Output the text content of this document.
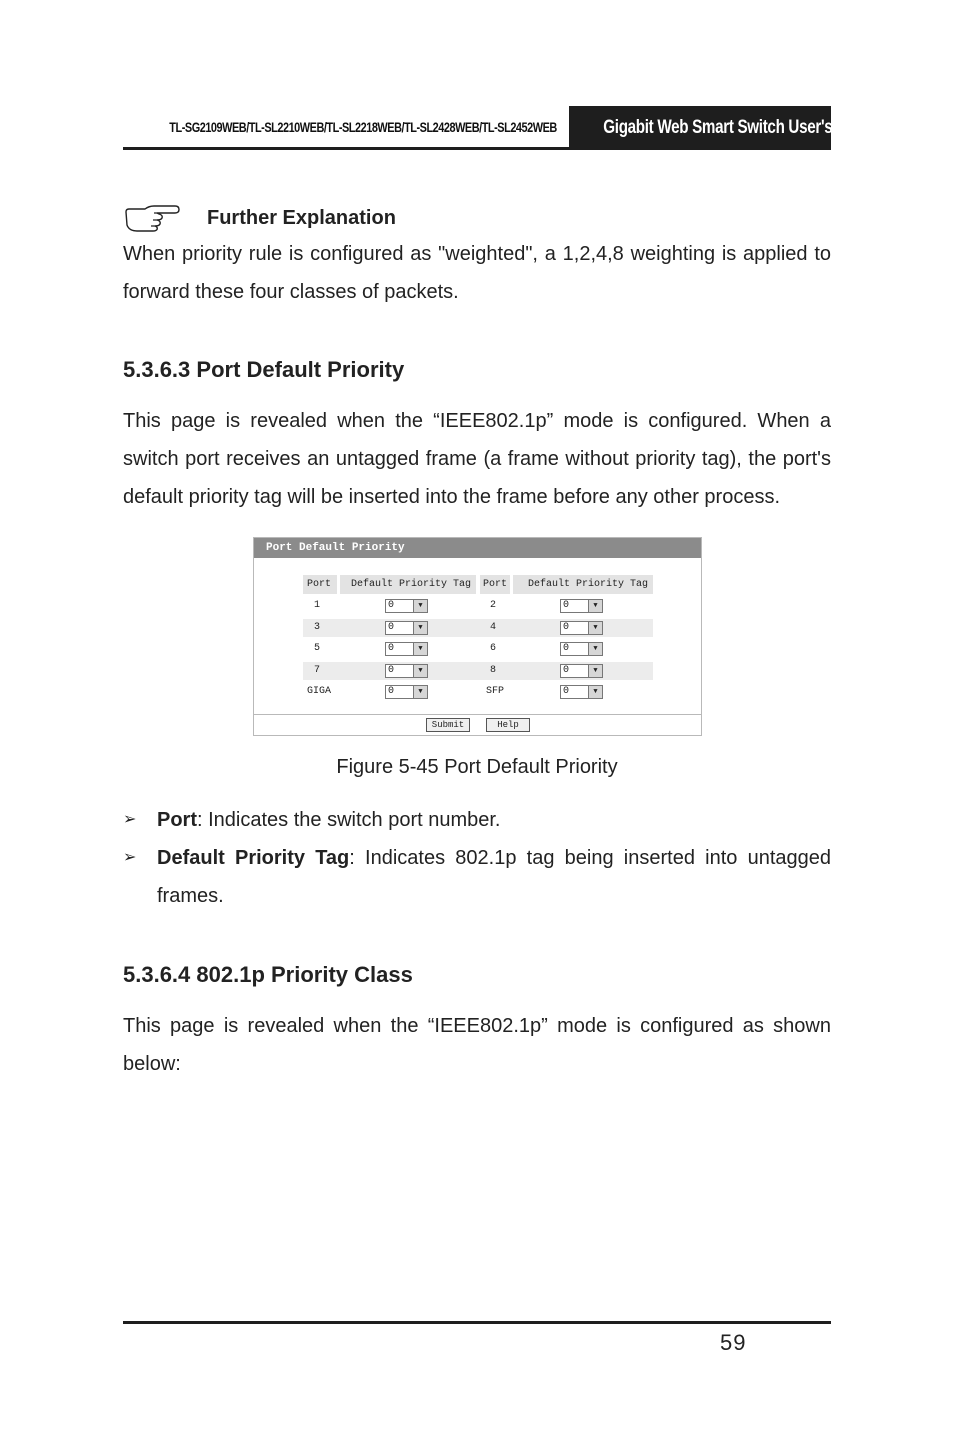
TL-SG2109WEB/TL-SL2210WEB/TL-SL2218WEB/TL-SL2428WEB/TL-SL2452WEB	Gigabit Web Smart Switch User's Guide
Further Explanation

When priority rule is configured as "weighted", a 1,2,4,8 weighting is applied to forward these four classes of packets.

5.3.6.3 Port Default Priority

This page is revealed when the “IEEE802.1p” mode is configured. When a switch port receives an untagged frame (a frame without priority tag), the port's default priority tag will be inserted into the frame before any other process.

Port Default Priority
Port Default Priority Tag Port Default Priority Tag
1	0	▼	2	0	▼
3	0	▼	4	0	▼
5	0	▼	6	0	▼
7	0	▼	8	0	▼
GIGA	0	▼	SFP	0	▼
Submit	Help
Figure 5-45 Port Default Priority
➢ Port: Indicates the switch port number.
➢ Default Priority Tag: Indicates 802.1p tag being inserted into untagged frames.
5.3.6.4 802.1p Priority Class

This page is revealed when the “IEEE802.1p” mode is configured as shown below:

59
